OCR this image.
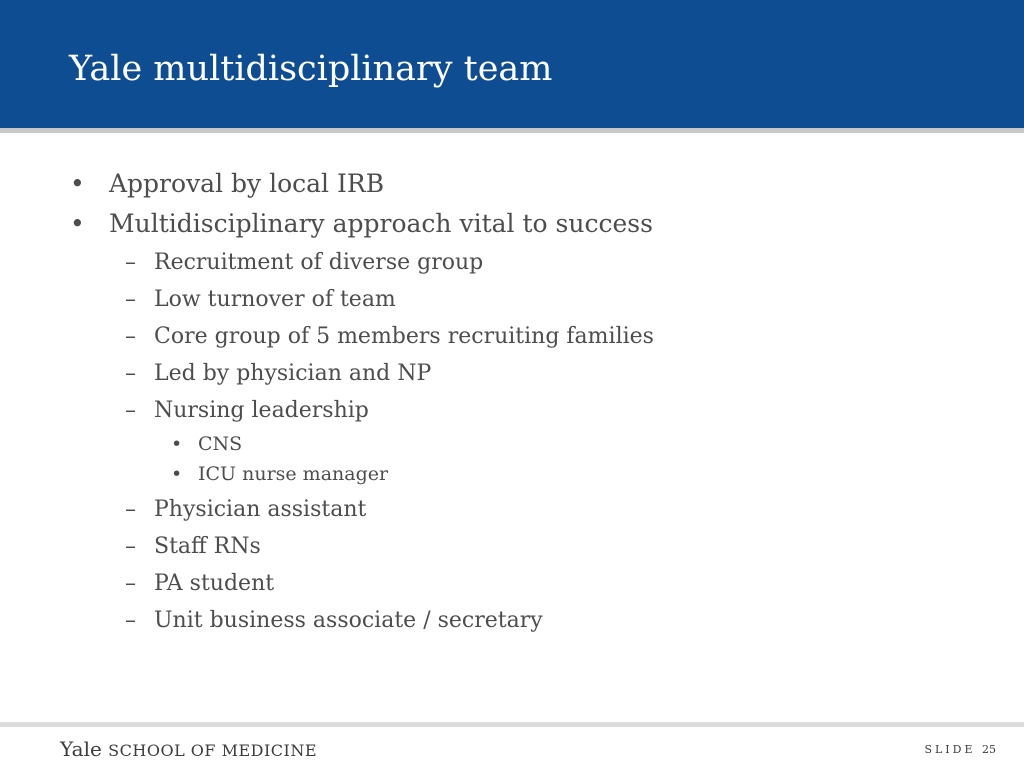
Yale multidisciplinary team
• Approval by local IRB
• Multidisciplinary approach vital to success
– Recruitment of diverse group
– Low turnover of team
– Core group of 5 members recruiting families
– Led by physician and NP
– Nursing leadership
• CNS
• ICU nurse manager
– Physician assistant
– Staff RNs
– PA student
– Unit business associate / secretary
Yale SCHOOL OF MEDICINE	SLIDE 25
